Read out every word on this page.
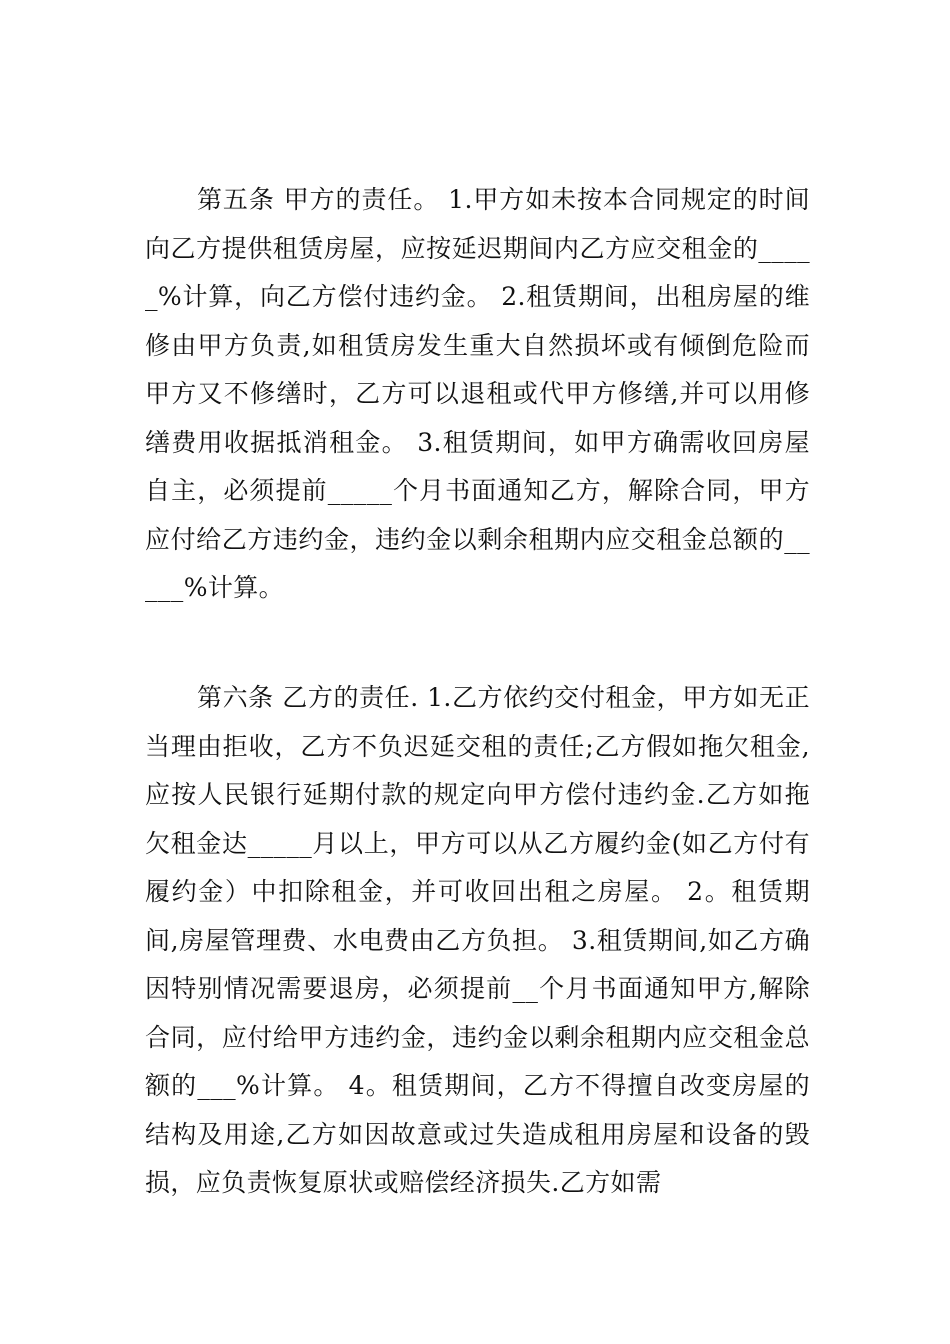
第五条 甲方的责任。 1.甲方如未按本合同规定的时间向乙方提供租赁房屋，应按延迟期间内乙方应交租金的_____%计算，向乙方偿付违约金。 2.租赁期间，出租房屋的维修由甲方负责,如租赁房发生重大自然损坏或有倾倒危险而甲方又不修缮时，乙方可以退租或代甲方修缮,并可以用修缮费用收据抵消租金。 3.租赁期间，如甲方确需收回房屋自主，必须提前_____个月书面通知乙方，解除合同，甲方应付给乙方违约金，违约金以剩余租期内应交租金总额的_____%计算。

第六条 乙方的责任. 1.乙方依约交付租金，甲方如无正当理由拒收，乙方不负迟延交租的责任;乙方假如拖欠租金,应按人民银行延期付款的规定向甲方偿付违约金.乙方如拖欠租金达_____月以上，甲方可以从乙方履约金(如乙方付有履约金）中扣除租金，并可收回出租之房屋。 2。租赁期间,房屋管理费、水电费由乙方负担。 3.租赁期间,如乙方确因特别情况需要退房，必须提前__个月书面通知甲方,解除合同，应付给甲方违约金，违约金以剩余租期内应交租金总额的___%计算。 4。租赁期间，乙方不得擅自改变房屋的结构及用途,乙方如因故意或过失造成租用房屋和设备的毁损，应负责恢复原状或赔偿经济损失.乙方如需
